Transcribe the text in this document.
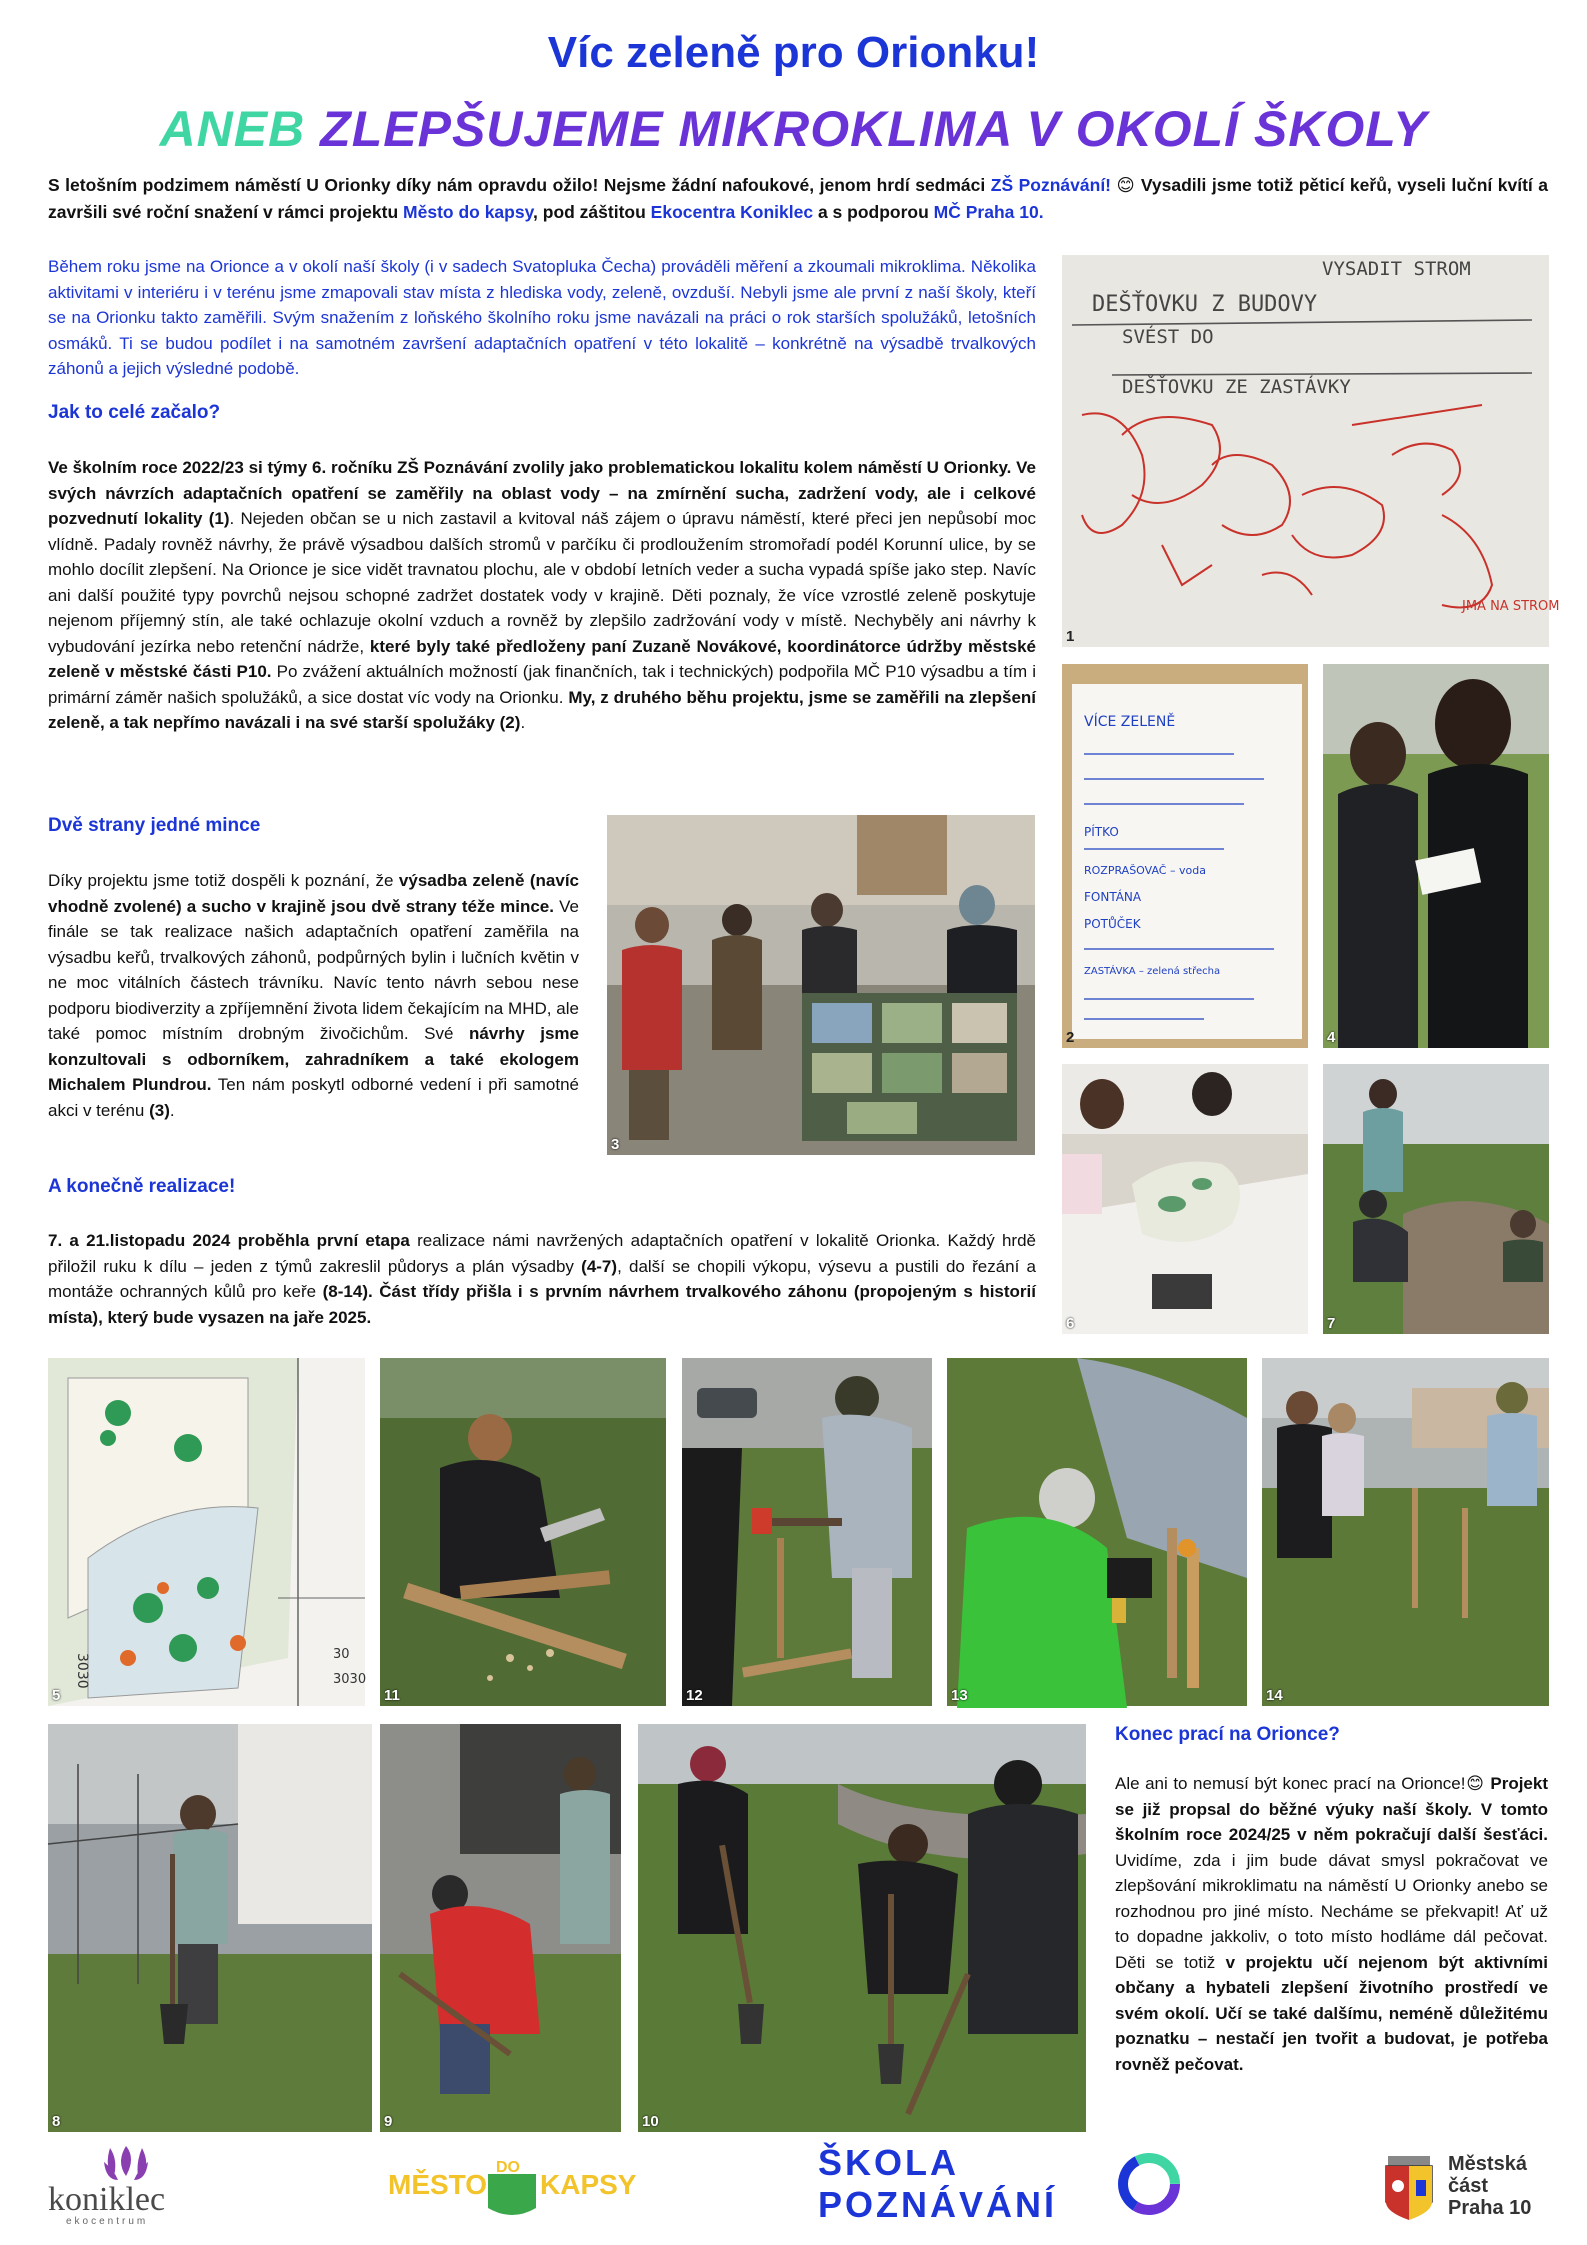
Víc zeleně pro Orionku!
ANEB ZLEPŠUJEME MIKROKLIMA V OKOLÍ ŠKOLY
S letošním podzimem náměstí U Orionky díky nám opravdu ožilo! Nejsme žádní nafoukové, jenom hrdí sedmáci ZŠ Poznávání! 😊 Vysadili jsme totiž pěticí keřů, vyseli luční kvítí a završili své roční snažení v rámci projektu Město do kapsy, pod záštitou Ekocentra Koniklec a s podporou MČ Praha 10.
Během roku jsme na Orionce a v okolí naší školy (i v sadech Svatopluka Čecha) prováděli měření a zkoumali mikroklima. Několika aktivitami v interiéru i v terénu jsme zmapovali stav místa z hlediska vody, zeleně, ovzduší. Nebyli jsme ale první z naší školy, kteří se na Orionku takto zaměřili. Svým snažením z loňského školního roku jsme navázali na práci o rok starších spolužáků, letošních osmáků. Ti se budou podílet i na samotném završení adaptačních opatření v této lokalitě – konkrétně na výsadbě trvalkových záhonů a jejich výsledné podobě.
Jak to celé začalo?
Ve školním roce 2022/23 si týmy 6. ročníku ZŠ Poznávání zvolily jako problematickou lokalitu kolem náměstí U Orionky. Ve svých návrzích adaptačních opatření se zaměřily na oblast vody – na zmírnění sucha, zadržení vody, ale i celkové pozvednutí lokality (1). Nejeden občan se u nich zastavil a kvitoval náš zájem o úpravu náměstí, které přeci jen nepůsobí moc vlídně. Padaly rovněž návrhy, že právě výsadbou dalších stromů v parčíku či prodloužením stromořadí podél Korunní ulice, by se mohlo docílit zlepšení. Na Orionce je sice vidět travnatou plochu, ale v období letních veder a sucha vypadá spíše jako step. Navíc ani další použité typy povrchů nejsou schopné zadržet dostatek vody v krajině. Děti poznaly, že více vzrostlé zeleně poskytuje nejenom příjemný stín, ale také ochlazuje okolní vzduch a rovněž by zlepšilo zadržování vody v místě. Nechyběly ani návrhy k vybudování jezírka nebo retenční nádrže, které byly také předloženy paní Zuzaně Novákové, koordinátorce údržby městské zeleně v městské části P10. Po zvážení aktuálních možností (jak finančních, tak i technických) podpořila MČ P10 výsadbu a tím i primární záměr našich spolužáků, a sice dostat víc vody na Orionku. My, z druhého běhu projektu, jsme se zaměřili na zlepšení zeleně, a tak nepřímo navázali i na své starší spolužáky (2).
Dvě strany jedné mince
Díky projektu jsme totiž dospěli k poznání, že výsadba zeleně (navíc vhodně zvolené) a sucho v krajině jsou dvě strany téže mince. Ve finále se tak realizace našich adaptačních opatření zaměřila na výsadbu keřů, trvalkových záhonů, podpůrných bylin i lučních květin v ne moc vitálních částech trávníku. Navíc tento návrh sebou nese podporu biodiverzity a zpříjemnění života lidem čekajícím na MHD, ale také pomoc místním drobným živočichům. Své návrhy jsme konzultovali s odborníkem, zahradníkem a také ekologem Michalem Plundrou. Ten nám poskytl odborné vedení i při samotné akci v terénu (3).
A konečně realizace!
7. a 21.listopadu 2024 proběhla první etapa realizace námi navržených adaptačních opatření v lokalitě Orionka. Každý hrdě přiložil ruku k dílu – jeden z týmů zakreslil půdorys a plán výsadby (4-7), další se chopili výkopu, výsevu a pustili do řezání a montáže ochranných kůlů pro keře (8-14). Část třídy přišla i s prvním návrhem trvalkového záhonu (propojeným s historií místa), který bude vysazen na jaře 2025.
Konec prací na Orionce?
Ale ani to nemusí být konec prací na Orionce!😊 Projekt se již propsal do běžné výuky naší školy. V tomto školním roce 2024/25 v něm pokračují další šesťáci. Uvidíme, zda i jim bude dávat smysl pokračovat ve zlepšování mikroklimatu na náměstí U Orionky anebo se rozhodnou pro jiné místo. Necháme se překvapit! Ať už to dopadne jakkoliv, o toto místo hodláme dál pečovat. Děti se totiž v projektu učí nejenom být aktivními občany a hybateli zlepšení životního prostředí ve svém okolí. Učí se také dalšímu, neméně důležitému poznatku – nestačí jen tvořit a budovat, je potřeba rovněž pečovat.
VYSADIT STROM
DEŠŤOVKU Z BUDOVY
SVÉST DO
DEŠŤOVKU ZE ZASTÁVKY
JMA NA STROM
1
VÍCE ZELENĚ
PÍTKO
ROZPRAŠOVAČ – voda
FONTÁNA
POTŮČEK
ZASTÁVKA – zelená střecha
2	4
3
6	7
3030	3030
30
5	11	12	13	14
8	9	10
koniklec
ekocentrum
MĚSTO
DO
KAPSY
ŠKOLA
POZNÁVÁNÍ
Městská
část
Praha 10
